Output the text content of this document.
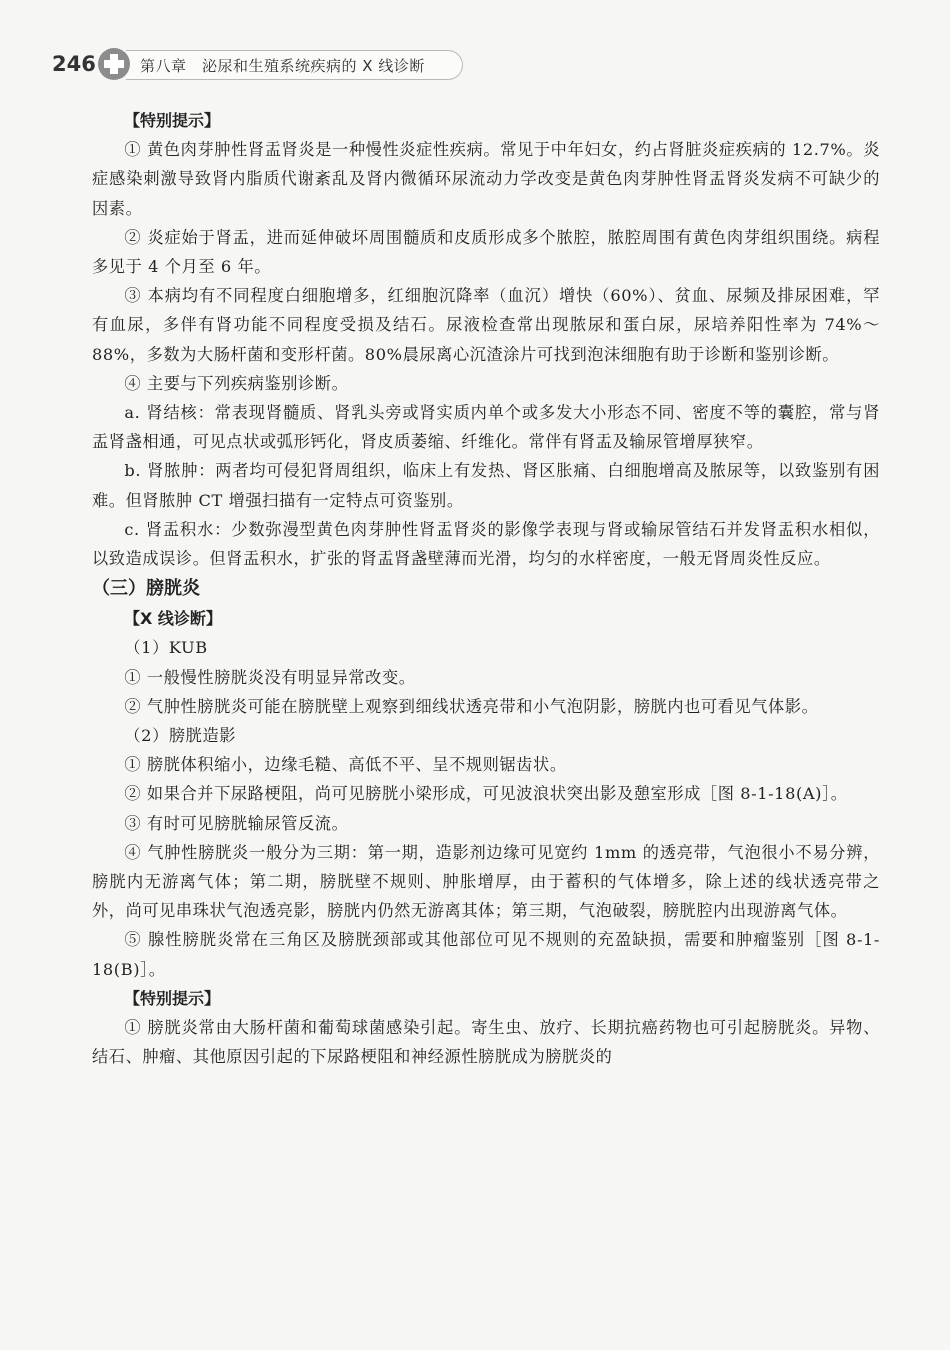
246	第八章　泌尿和生殖系统疾病的 X 线诊断

【特别提示】

① 黄色肉芽肿性肾盂肾炎是一种慢性炎症性疾病。常见于中年妇女，约占肾脏炎症疾病的 12.7%。炎症感染刺激导致肾内脂质代谢紊乱及肾内微循环尿流动力学改变是黄色肉芽肿性肾盂肾炎发病不可缺少的因素。

② 炎症始于肾盂，进而延伸破坏周围髓质和皮质形成多个脓腔，脓腔周围有黄色肉芽组织围绕。病程多见于 4 个月至 6 年。

③ 本病均有不同程度白细胞增多，红细胞沉降率（血沉）增快（60%）、贫血、尿频及排尿困难，罕有血尿，多伴有肾功能不同程度受损及结石。尿液检查常出现脓尿和蛋白尿，尿培养阳性率为 74%～88%，多数为大肠杆菌和变形杆菌。80%晨尿离心沉渣涂片可找到泡沫细胞有助于诊断和鉴别诊断。

④ 主要与下列疾病鉴别诊断。

a. 肾结核：常表现肾髓质、肾乳头旁或肾实质内单个或多发大小形态不同、密度不等的囊腔，常与肾盂肾盏相通，可见点状或弧形钙化，肾皮质萎缩、纤维化。常伴有肾盂及输尿管增厚狭窄。

b. 肾脓肿：两者均可侵犯肾周组织，临床上有发热、肾区胀痛、白细胞增高及脓尿等，以致鉴别有困难。但肾脓肿 CT 增强扫描有一定特点可资鉴别。

c. 肾盂积水：少数弥漫型黄色肉芽肿性肾盂肾炎的影像学表现与肾或输尿管结石并发肾盂积水相似，以致造成误诊。但肾盂积水，扩张的肾盂肾盏壁薄而光滑，均匀的水样密度，一般无肾周炎性反应。

（三）膀胱炎

【X 线诊断】

（1）KUB

① 一般慢性膀胱炎没有明显异常改变。

② 气肿性膀胱炎可能在膀胱壁上观察到细线状透亮带和小气泡阴影，膀胱内也可看见气体影。

（2）膀胱造影

① 膀胱体积缩小，边缘毛糙、高低不平、呈不规则锯齿状。

② 如果合并下尿路梗阻，尚可见膀胱小梁形成，可见波浪状突出影及憩室形成［图 8-1-18(A)］。

③ 有时可见膀胱输尿管反流。

④ 气肿性膀胱炎一般分为三期：第一期，造影剂边缘可见宽约 1mm 的透亮带，气泡很小不易分辨，膀胱内无游离气体；第二期，膀胱壁不规则、肿胀增厚，由于蓄积的气体增多，除上述的线状透亮带之外，尚可见串珠状气泡透亮影，膀胱内仍然无游离其体；第三期，气泡破裂，膀胱腔内出现游离气体。

⑤ 腺性膀胱炎常在三角区及膀胱颈部或其他部位可见不规则的充盈缺损，需要和肿瘤鉴别［图 8-1-18(B)］。

【特别提示】

① 膀胱炎常由大肠杆菌和葡萄球菌感染引起。寄生虫、放疗、长期抗癌药物也可引起膀胱炎。异物、结石、肿瘤、其他原因引起的下尿路梗阻和神经源性膀胱成为膀胱炎的
